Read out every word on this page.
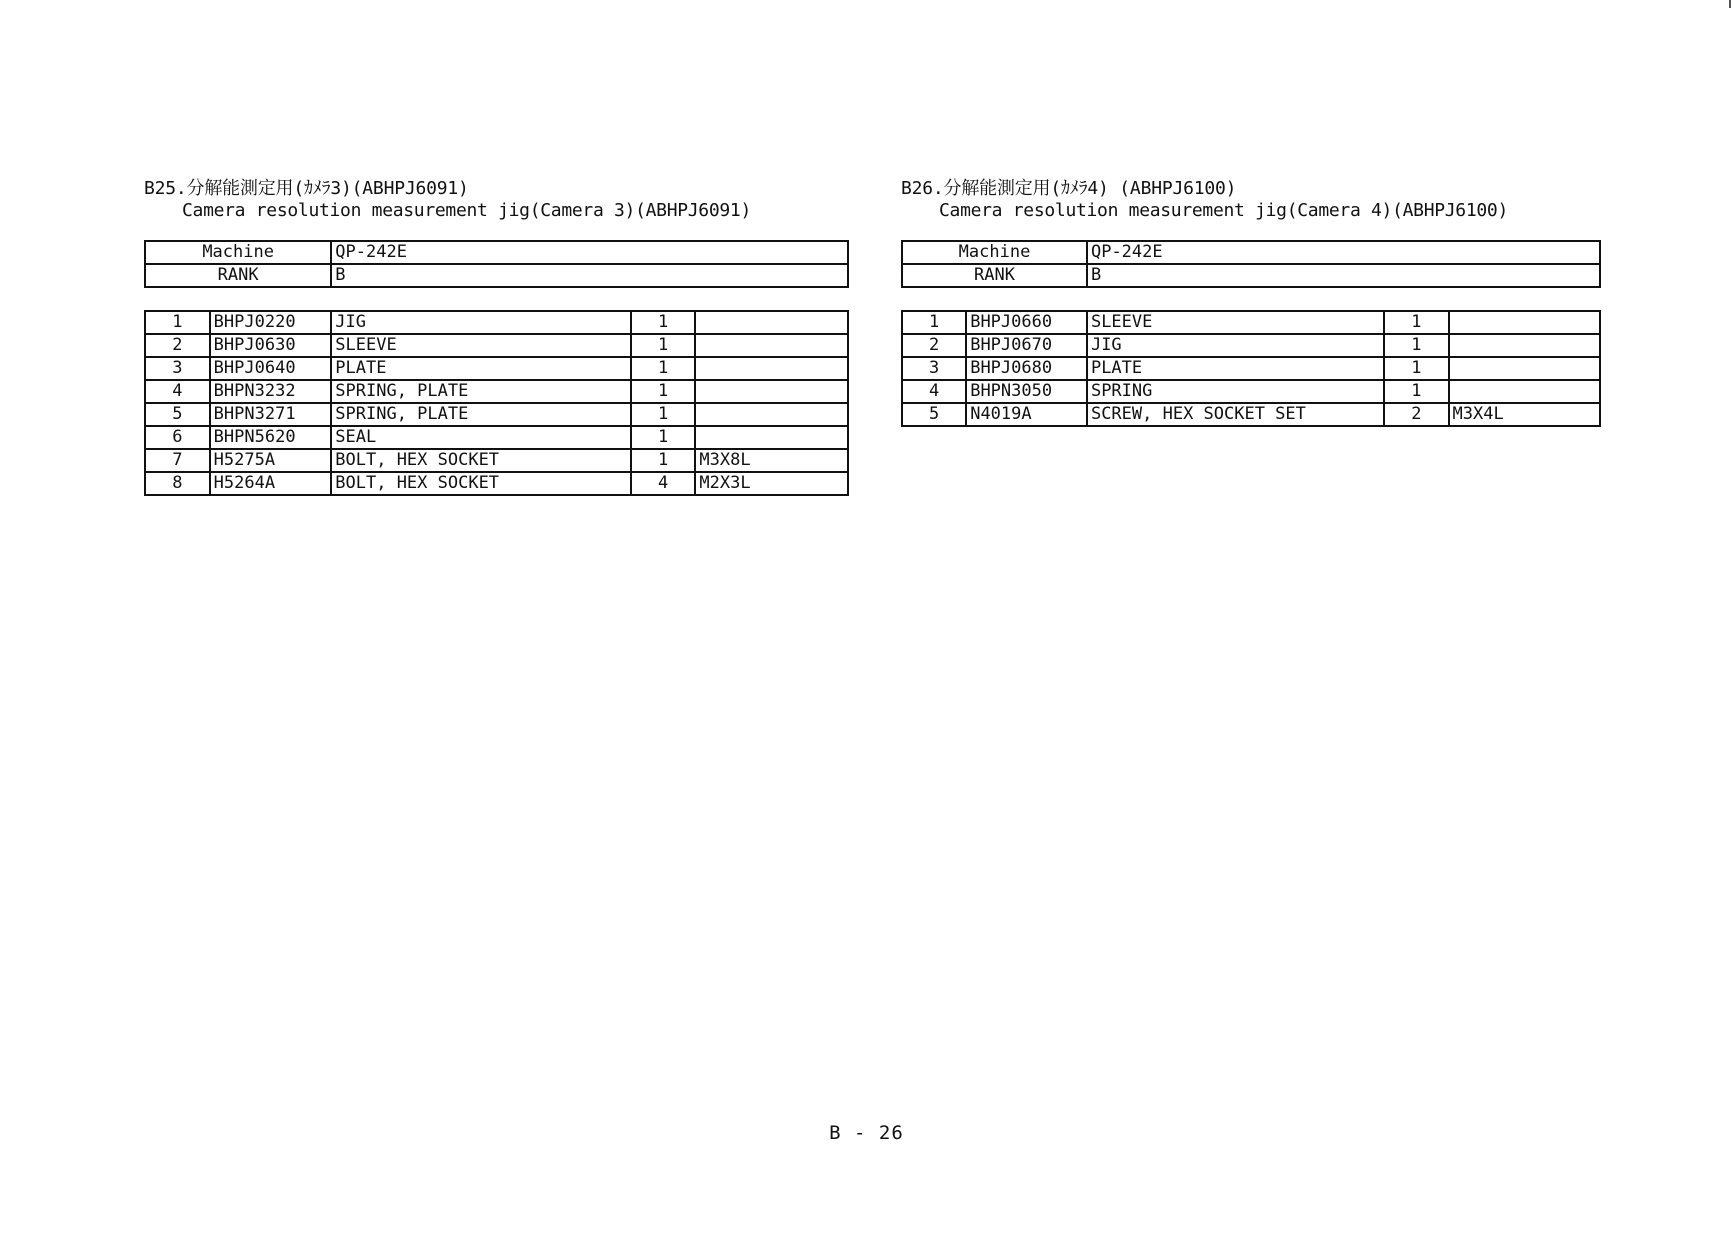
B25.分解能測定用(ｶﾒﾗ3)(ABHPJ6091)
Camera resolution measurement jig(Camera 3)(ABHPJ6091)
Machine	QP-242E
RANK	B
1	BHPJ0220	JIG	1	
2	BHPJ0630	SLEEVE	1	
3	BHPJ0640	PLATE	1	
4	BHPN3232	SPRING, PLATE	1	
5	BHPN3271	SPRING, PLATE	1	
6	BHPN5620	SEAL	1	
7	H5275A	BOLT, HEX SOCKET	1	M3X8L
8	H5264A	BOLT, HEX SOCKET	4	M2X3L
B26.分解能測定用(ｶﾒﾗ4) (ABHPJ6100)
Camera resolution measurement jig(Camera 4)(ABHPJ6100)
Machine	QP-242E
RANK	B
1	BHPJ0660	SLEEVE	1	
2	BHPJ0670	JIG	1	
3	BHPJ0680	PLATE	1	
4	BHPN3050	SPRING	1	
5	N4019A	SCREW, HEX SOCKET SET	2	M3X4L
B - 26
